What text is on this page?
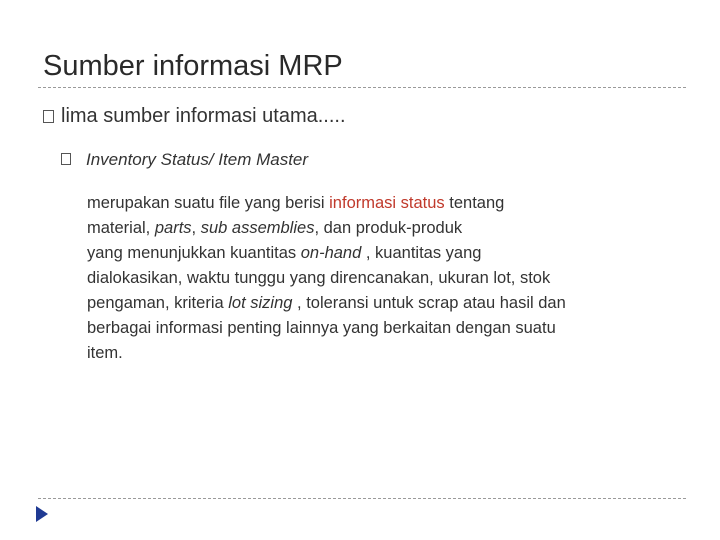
Sumber informasi MRP
lima sumber informasi utama.....
Inventory Status/ Item Master
merupakan suatu file yang berisi informasi status tentang
material, parts, sub assemblies, dan produk-produk
yang menunjukkan kuantitas on-hand , kuantitas yang
dialokasikan, waktu tunggu yang direncanakan, ukuran lot, stok
pengaman, kriteria lot sizing , toleransi untuk scrap atau hasil dan
berbagai informasi penting lainnya yang berkaitan dengan suatu
item.
